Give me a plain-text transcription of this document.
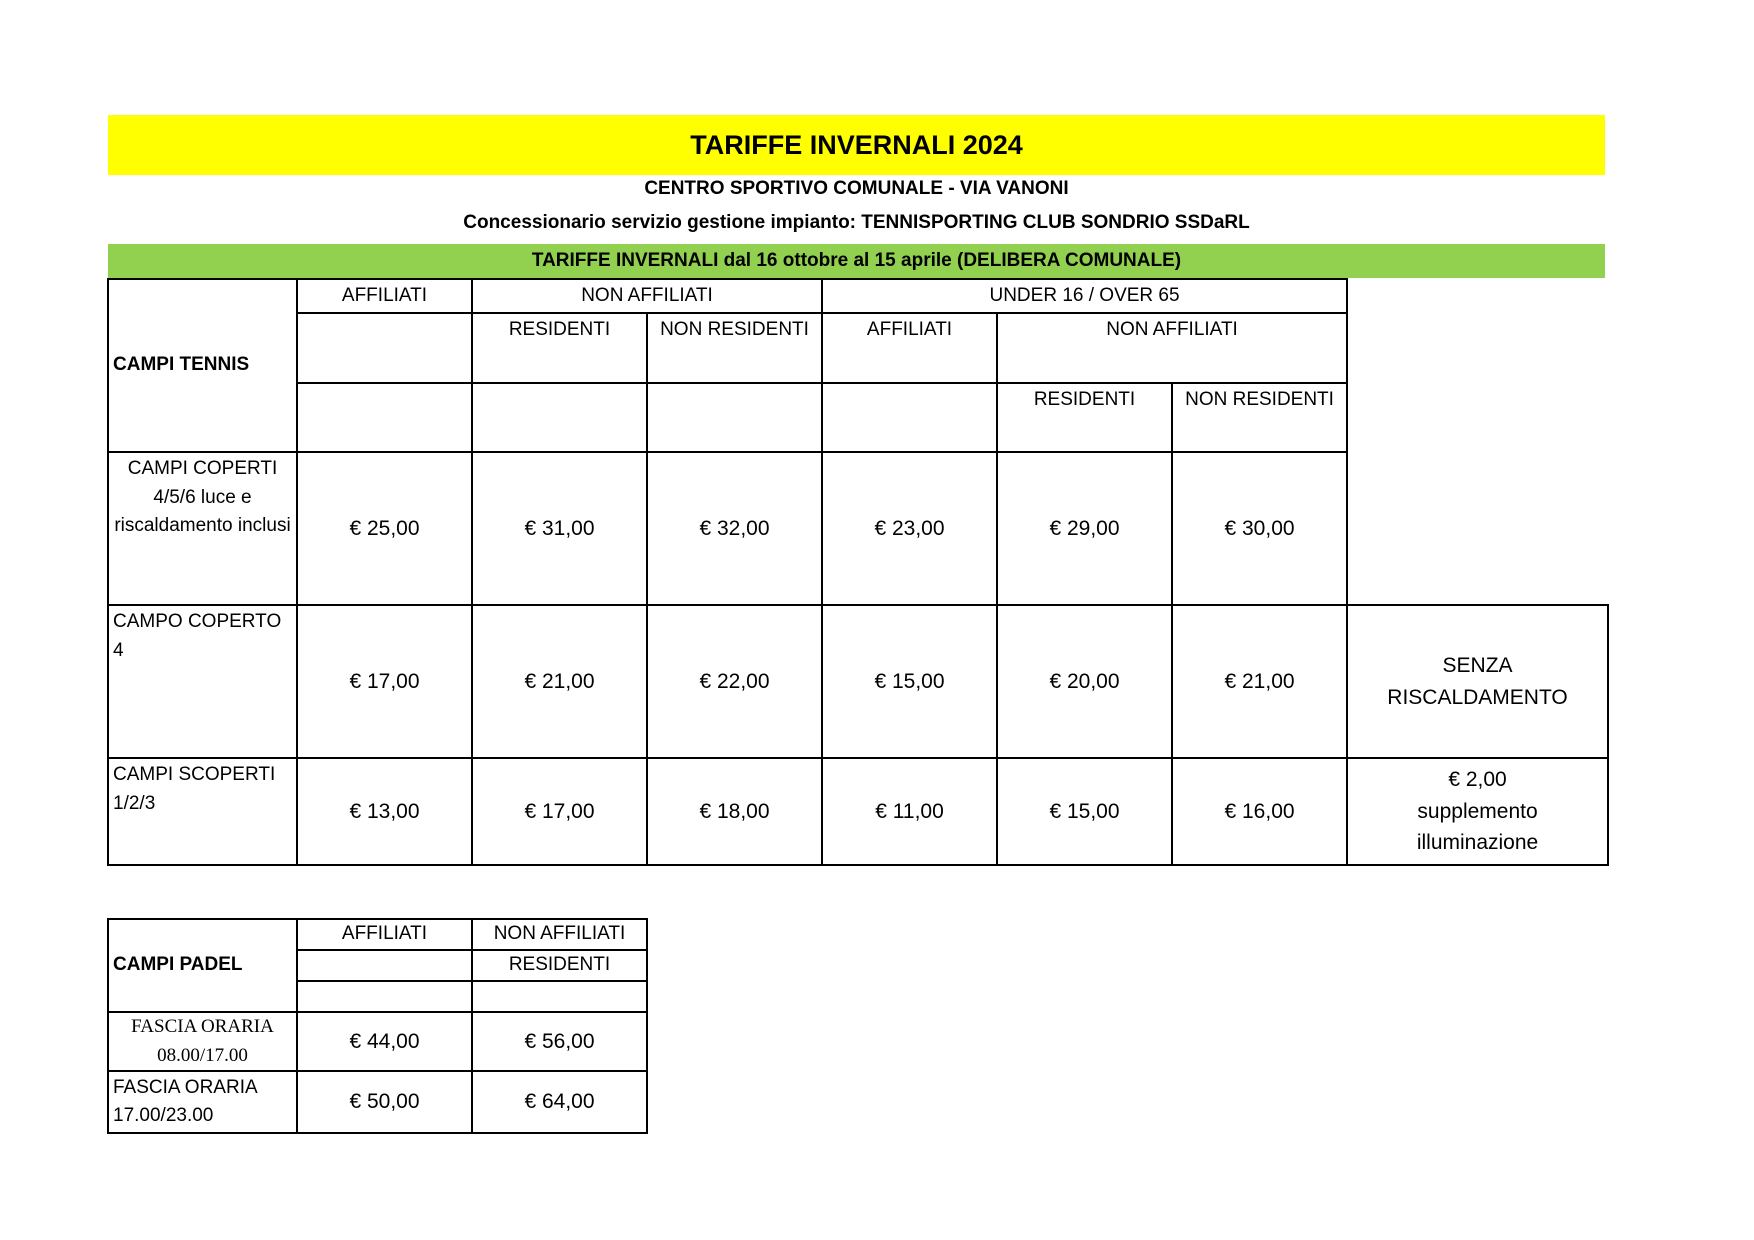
TARIFFE INVERNALI 2024
CENTRO SPORTIVO COMUNALE - VIA VANONI
Concessionario servizio gestione impianto: TENNISPORTING CLUB SONDRIO SSDaRL
TARIFFE INVERNALI dal 16 ottobre al 15 aprile (DELIBERA COMUNALE)
CAMPI TENNIS	AFFILIATI	NON AFFILIATI		UNDER 16 / OVER 65			
		RESIDENTI	NON RESIDENTI	AFFILIATI	NON AFFILIATI		
					RESIDENTI	NON RESIDENTI	
CAMPI COPERTI 4/5/6 luce e riscaldamento inclusi	€ 25,00	€ 31,00	€ 32,00	€ 23,00	€ 29,00	€ 30,00	
CAMPO COPERTO 4	€ 17,00	€ 21,00	€ 22,00	€ 15,00	€ 20,00	€ 21,00	SENZA RISCALDAMENTO
CAMPI SCOPERTI 1/2/3	€ 13,00	€ 17,00	€ 18,00	€ 11,00	€ 15,00	€ 16,00	€ 2,00 supplemento illuminazione
CAMPI PADEL	AFFILIATI	NON AFFILIATI
		RESIDENTI

FASCIA ORARIA 08.00/17.00	€ 44,00	€ 56,00
FASCIA ORARIA 17.00/23.00	€ 50,00	€ 64,00
